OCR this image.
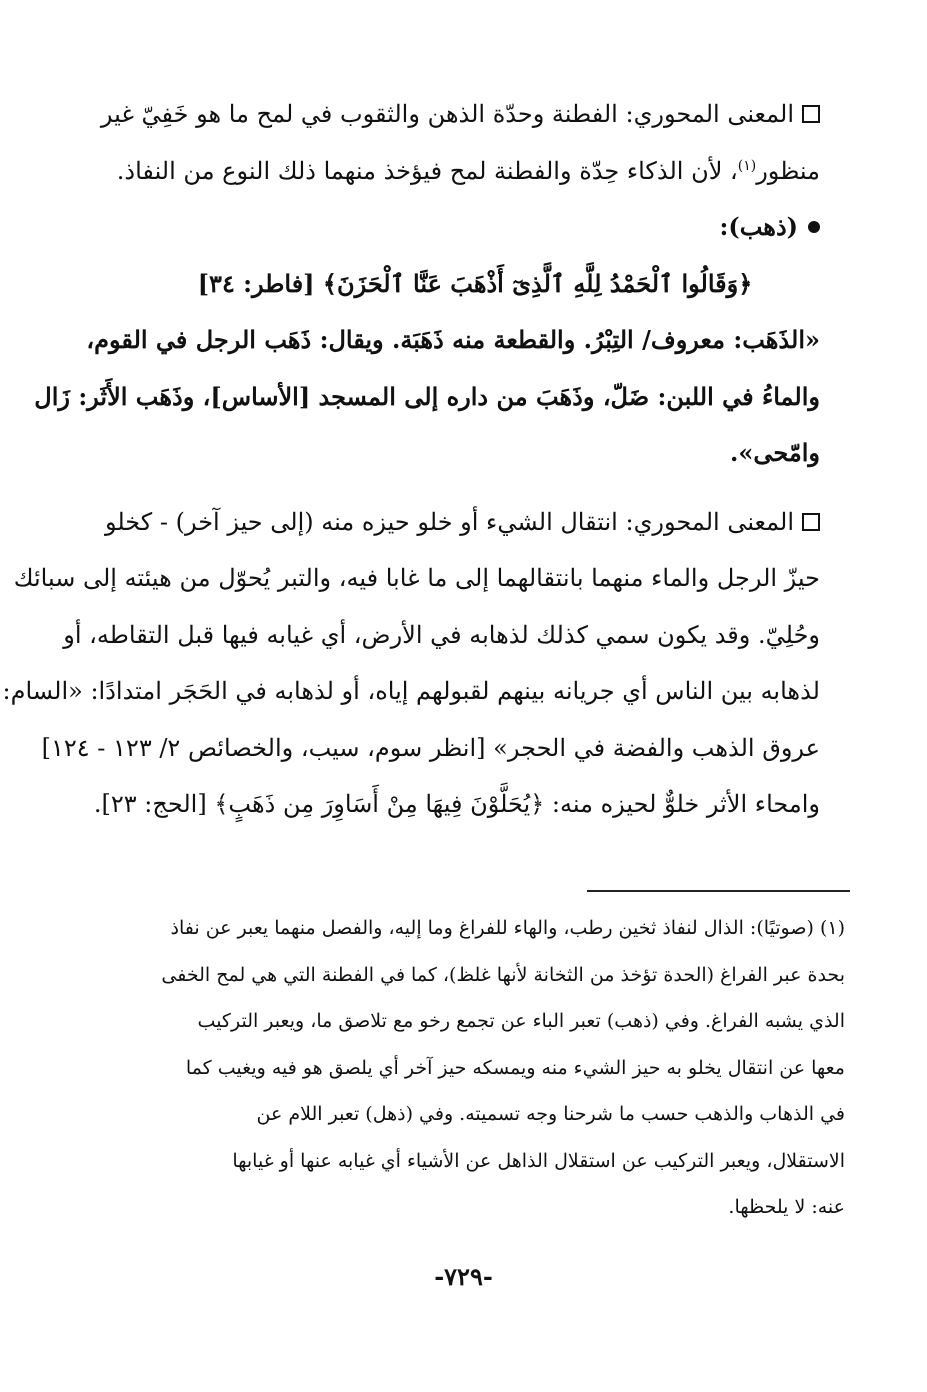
المعنى المحوري: الفطنة وحدّة الذهن والثقوب في لمح ما هو خَفِيّ غير
منظور$^{(١)}$، لأن الذكاء حِدّة والفطنة لمح فيؤخذ منهما ذلك النوع من النفاذ.
(ذهب):
﴿وَقَالُوا ٱلْحَمْدُ لِلَّهِ ٱلَّذِىٓ أَذْهَبَ عَنَّا ٱلْحَزَنَ﴾ [فاطر: ٣٤]
«الذَهَب: معروف/ التِبْرُ. والقطعة منه ذَهَبَة. ويقال: ذَهَب الرجل في القوم،
والماءُ في اللبن: ضَلّ، وذَهَبَ من داره إلى المسجد [الأساس]، وذَهَب الأَثَر: زَال
وامّحى».
المعنى المحوري: انتقال الشيء أو خلو حيزه منه (إلى حيز آخر) - كخلو
حيزّ الرجل والماء منهما بانتقالهما إلى ما غابا فيه، والتبر يُحوّل من هيئته إلى سبائك
وحُلِيّ. وقد يكون سمي كذلك لذهابه في الأرض، أي غيابه فيها قبل التقاطه، أو
لذهابه بين الناس أي جريانه بينهم لقبولهم إياه، أو لذهابه في الحَجَر امتدادًا: «السام:
عروق الذهب والفضة في الحجر» [انظر سوم، سيب، والخصائص ٢/ ١٢٣ - ١٢٤]
وامحاء الأثر خلوٌّ لحيزه منه: ﴿يُحَلَّوْنَ فِيهَا مِنْ أَسَاوِرَ مِن ذَهَبٍ﴾ [الحج: ٢٣].
(١) (صوتيًا): الذال لنفاذ ثخين رطب، والهاء للفراغ وما إليه، والفصل منهما يعبر عن نفاذ
بحدة عبر الفراغ (الحدة تؤخذ من الثخانة لأنها غلظ)، كما في الفطنة التي هي لمح الخفى
الذي يشبه الفراغ. وفي (ذهب) تعبر الباء عن تجمع رخو مع تلاصق ما، ويعبر التركيب
معها عن انتقال يخلو به حيز الشيء منه ويمسكه حيز آخر أي يلصق هو فيه ويغيب كما
في الذهاب والذهب حسب ما شرحنا وجه تسميته. وفي (ذهل) تعبر اللام عن
الاستقلال، ويعبر التركيب عن استقلال الذاهل عن الأشياء أي غيابه عنها أو غيابها
عنه: لا يلحظها.
-٧٢٩-
